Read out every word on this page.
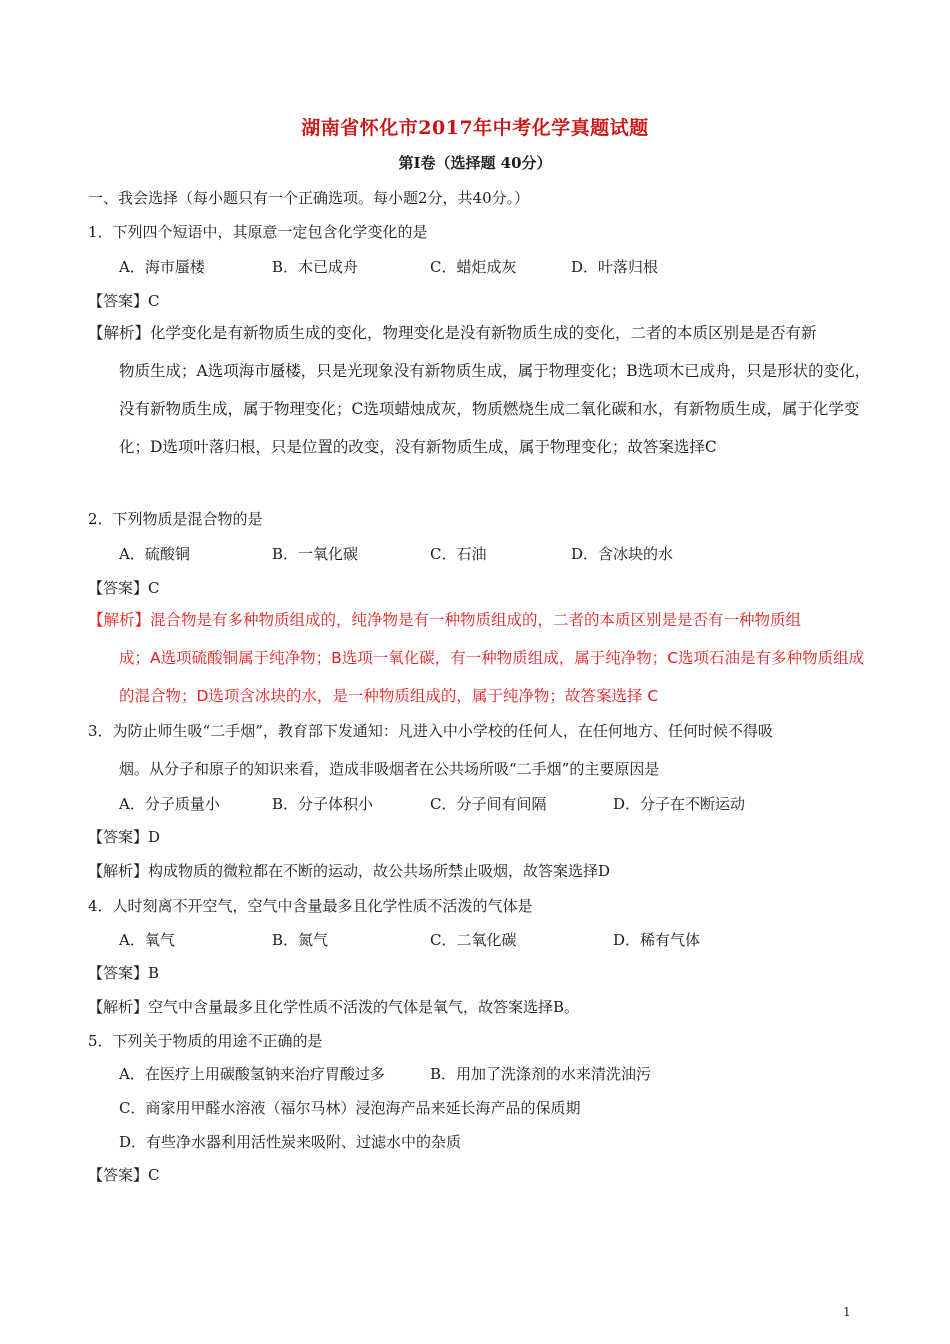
湖南省怀化市2017年中考化学真题试题
第Ⅰ卷（选择题 40分）
一、我会选择（每小题只有一个正确选项。每小题2分，共40分。）
1．下列四个短语中，其原意一定包含化学变化的是
A．海市蜃楼	B．木已成舟	C．蜡炬成灰	D．叶落归根
【答案】C
【解析】化学变化是有新物质生成的变化，物理变化是没有新物质生成的变化，二者的本质区别是是否有新
物质生成；A选项海市蜃楼，只是光现象没有新物质生成，属于物理变化；B选项木已成舟，只是形状的变化，没有新物质生成，属于物理变化；C选项蜡烛成灰，物质燃烧生成二氧化碳和水，有新物质生成，属于化学变化；D选项叶落归根，只是位置的改变，没有新物质生成，属于物理变化；故答案选择C
2．下列物质是混合物的是
A．硫酸铜	B．一氧化碳	C．石油	D．含冰块的水
【答案】C
【解析】混合物是有多种物质组成的，纯净物是有一种物质组成的，二者的本质区别是是否有一种物质组
成；A选项硫酸铜属于纯净物；B选项一氧化碳，有一种物质组成，属于纯净物；C选项石油是有多种物质组成的混合物；D选项含冰块的水，是一种物质组成的，属于纯净物；故答案选择 C
3．为防止师生吸“二手烟”，教育部下发通知：凡进入中小学校的任何人，在任何地方、任何时候不得吸
烟。从分子和原子的知识来看，造成非吸烟者在公共场所吸“二手烟”的主要原因是
A．分子质量小	B．分子体积小	C．分子间有间隔	D．分子在不断运动
【答案】D
【解析】构成物质的微粒都在不断的运动，故公共场所禁止吸烟，故答案选择D
4．人时刻离不开空气，空气中含量最多且化学性质不活泼的气体是
A．氧气	B．氮气	C．二氧化碳	D．稀有气体
【答案】B
【解析】空气中含量最多且化学性质不活泼的气体是氧气，故答案选择B。
5．下列关于物质的用途不正确的是
A．在医疗上用碳酸氢钠来治疗胃酸过多	B．用加了洗涤剂的水来清洗油污
C．商家用甲醛水溶液（福尔马林）浸泡海产品来延长海产品的保质期
D．有些净水器利用活性炭来吸附、过滤水中的杂质
【答案】C
1
